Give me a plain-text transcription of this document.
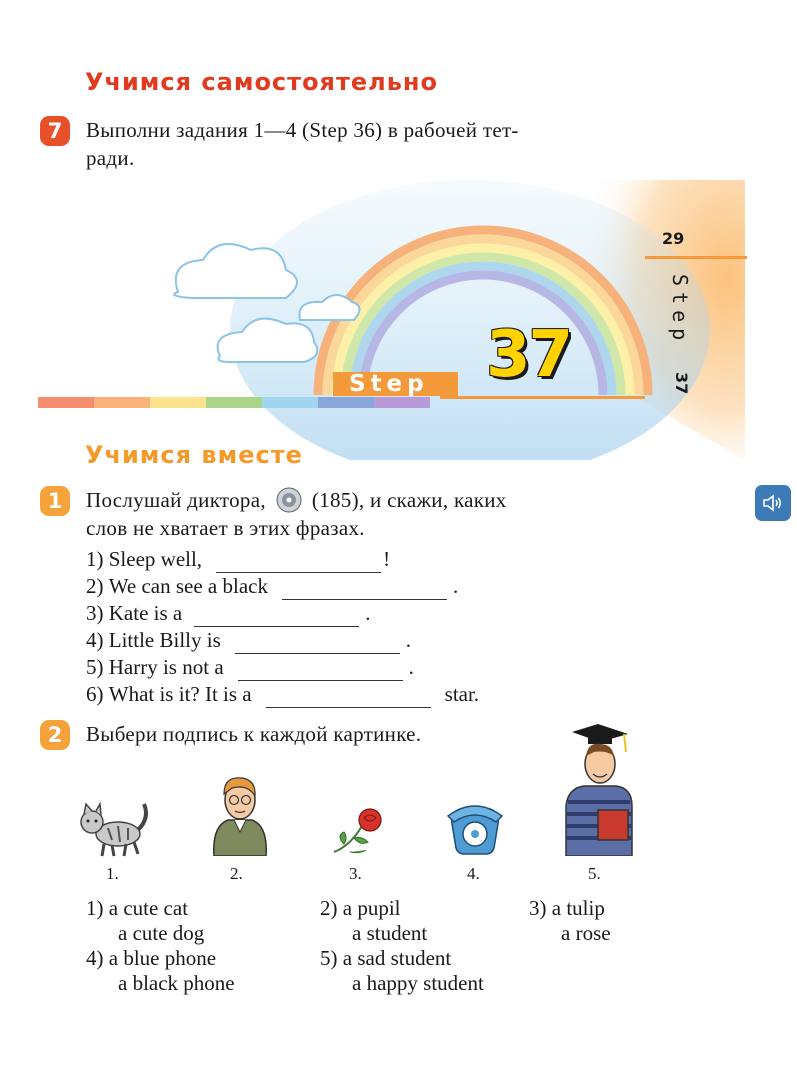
Учимся самостоятельно
7	Выполни задания 1—4 (Step 36) в рабочей тет-
ради.
Step 37
29
Step
37
Учимся вместе
1	Послушай диктора, (185), и скажи, каких
слов не хватает в этих фразах.
1)
Sleep well,	!
2)
We can see a black	.
3)
Kate is a	.
4)
Little Billy is	.
5)
Harry is not a	.
6)
What is it? It is a	star.
2	Выбери подпись к каждой картинке.
1.	2.	3.	4.	5.
1) a cute cat
a cute dog
2) a pupil
a student
3) a tulip
a rose
4) a blue phone
a black phone
5) a sad student
a happy student
